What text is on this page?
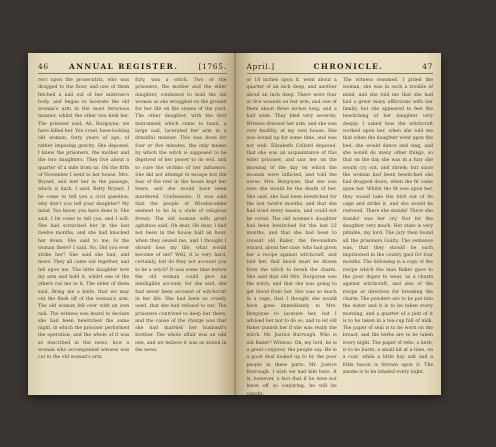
46	ANNUAL REGISTER.	[1765.
rect upon the prosecutrix, who was dragged to the floor, and one of them fetched a nail out of her mistress's body, and began to lacerate the old woman's arm in the most ferocious manner, whilst the other two held her. The prisoner said, Ah, Burgoyne, we have killed her. You cruel, base-looking old woman, forty years of age, of rather imposing gravity. She deposed, I knew the prisoners, the mother and the two daughters. They live about a quarter of a mile from us. On the fifth of November I went to her house. Mrs. Bryant, and met her in the passage, which is dark. I said, Betty Bryant, I be come to tell you a civil question, why don't you tell your daughter? My mind, You know, you have done it. She said, I be come to tell you, and I will. She had scratched her in the last twelve months, and she had knocked her down. She said to me, Is the woman there? I said, No. Did you ever strike her? She said she had, and more. They all came out together, and fell upon me. The little daughter tore my arm and held it, whilst one of the others cut me in it. The elder of them said, Bring me a knife, that we may cut the flesh off of the woman's arm. The old woman fell over with an iron nail. The witness was heard to declare she had been bewitched the same night, in which the prisoner performed the operation, and the whole of it was so described in the news, how a woman who accompanied witness was cut in the old woman's arm.
fury, was a witch. Two of the prisoners, the mother and the elder daughter, confessed to hold the old woman as she struggled on the ground for her life on the stones of the yard. The other daughter, with the first instrument which came to hand, a large nail, lacerated her arm in a dreadful manner. This was done for four or five minutes, the only means by which the witch is supposed to be deprived of her power to do evil, and to cure the victims of her influence. She did not attempt to escape but the fear of the rest in the house kept her there, and she would have been murdered. Confessions. It was said that the people of Wiveliscombe seemed to be in a state of religious frenzy. The old woman with great agitation said, Oh dear, Oh dear, I had not been in the house half an hour, when they seized me, and I thought I should lose my life, what would become of me? Well, it is very hard, certainly, but do they not account you to be a witch? It was some time before the old woman could give an intelligible account, for she said, she had never been accused of witchcraft in her life. She had been so cruelly used, that she had refused to eat. The prisoners contrived to keep her there, and the cause of the charge was that she had married her husband's brother. The whole affair was an odd one, and we believe it was as stated in the news.
April.]	CHRONICLE.	47
or 18 inches upon it, went about a quarter of an inch deep, and another about an inch deep. There were four or five wounds on her arm, and one of them about three inches long, and a half wide. They bled very severely. Witness dressed her arm, and she was very healthy, at my own house. She was bound up for some time, and was not well. Elizabeth Collard deposed, that she was an acquaintance of this elder prisoner, and saw her on the morning of the day on which the wounds were inflicted, and told the nurse, Mrs. Burgoyne, that she was sure she would be the death of her. She said, she had been bewitched for the last twelve months, and that she had tried every means, and could not be cured. The old woman's daughter had been bewitched for the last 22 months, and that she had been to consult old Baker, the Devonshire wizard, about her case, who had given her a recipe against witchcraft, and told her, that blood must be drawn from the witch to break the charm. She said that old Mrs. Burgoyne was the witch, and that she was going to get blood from her. She was so much in a rage, that I thought she would have gone immediately to Mrs. Burgoyne to lacerate her, but I advised her not to do so, and to let old Baker punish her if she was really the witch. Mr. Justice Burrough. Who is old Baker? Witness. Oh, my lord, he is a great conjuror, the people say. He is a good deal looked up to by the poor people in these parts. Mr. Justice Burrough. I wish we had him here. It is, however, a fact that if he does not leave off so conjuring, he will be caught.
The witness resumed. I pitied the woman, she was in such a trouble of mind, and she told me that she had had a great many afflictions with her family, but she appeared to feel the bewitching of her daughter very deeply. I asked how the witchcraft worked upon her, when she told me that when the daughter went upon the bed, she would dance and sing, and she would do many other things, so that on the day she was in a fury she would cry out, and shriek; but since the woman had been bewitched she had dropped down, when the fit came upon her. Whilst the fit was upon her, they would take the bird out of its cage and strike it, and she would be restored. There she stands! There she stands! was her cry. Not for the daughter very much. Her state is very pitiable, my lord. The jury then found all the prisoners Guilty. The sentence was, that they should be each imprisoned in the county gaol for four months. The following is a copy of the recipe which the man Baker gave to the poor dupes to wear, as a charm against witchcraft, and also of the recipe or direction for breaking the charm. The powders are to be put into the water and it is to be taken every morning, and a quarter of a pint of it is to be taken in a tea-cup full of milk. The paper of seal is to be worn on the breast, and the herbs are to be taken every night. The paper of rebs, a herb, is to be burnt, a small bit at a time, on a coal, while a little bay salt and a little bacon is thrown upon it. The smoke is to be inhaled every night.
